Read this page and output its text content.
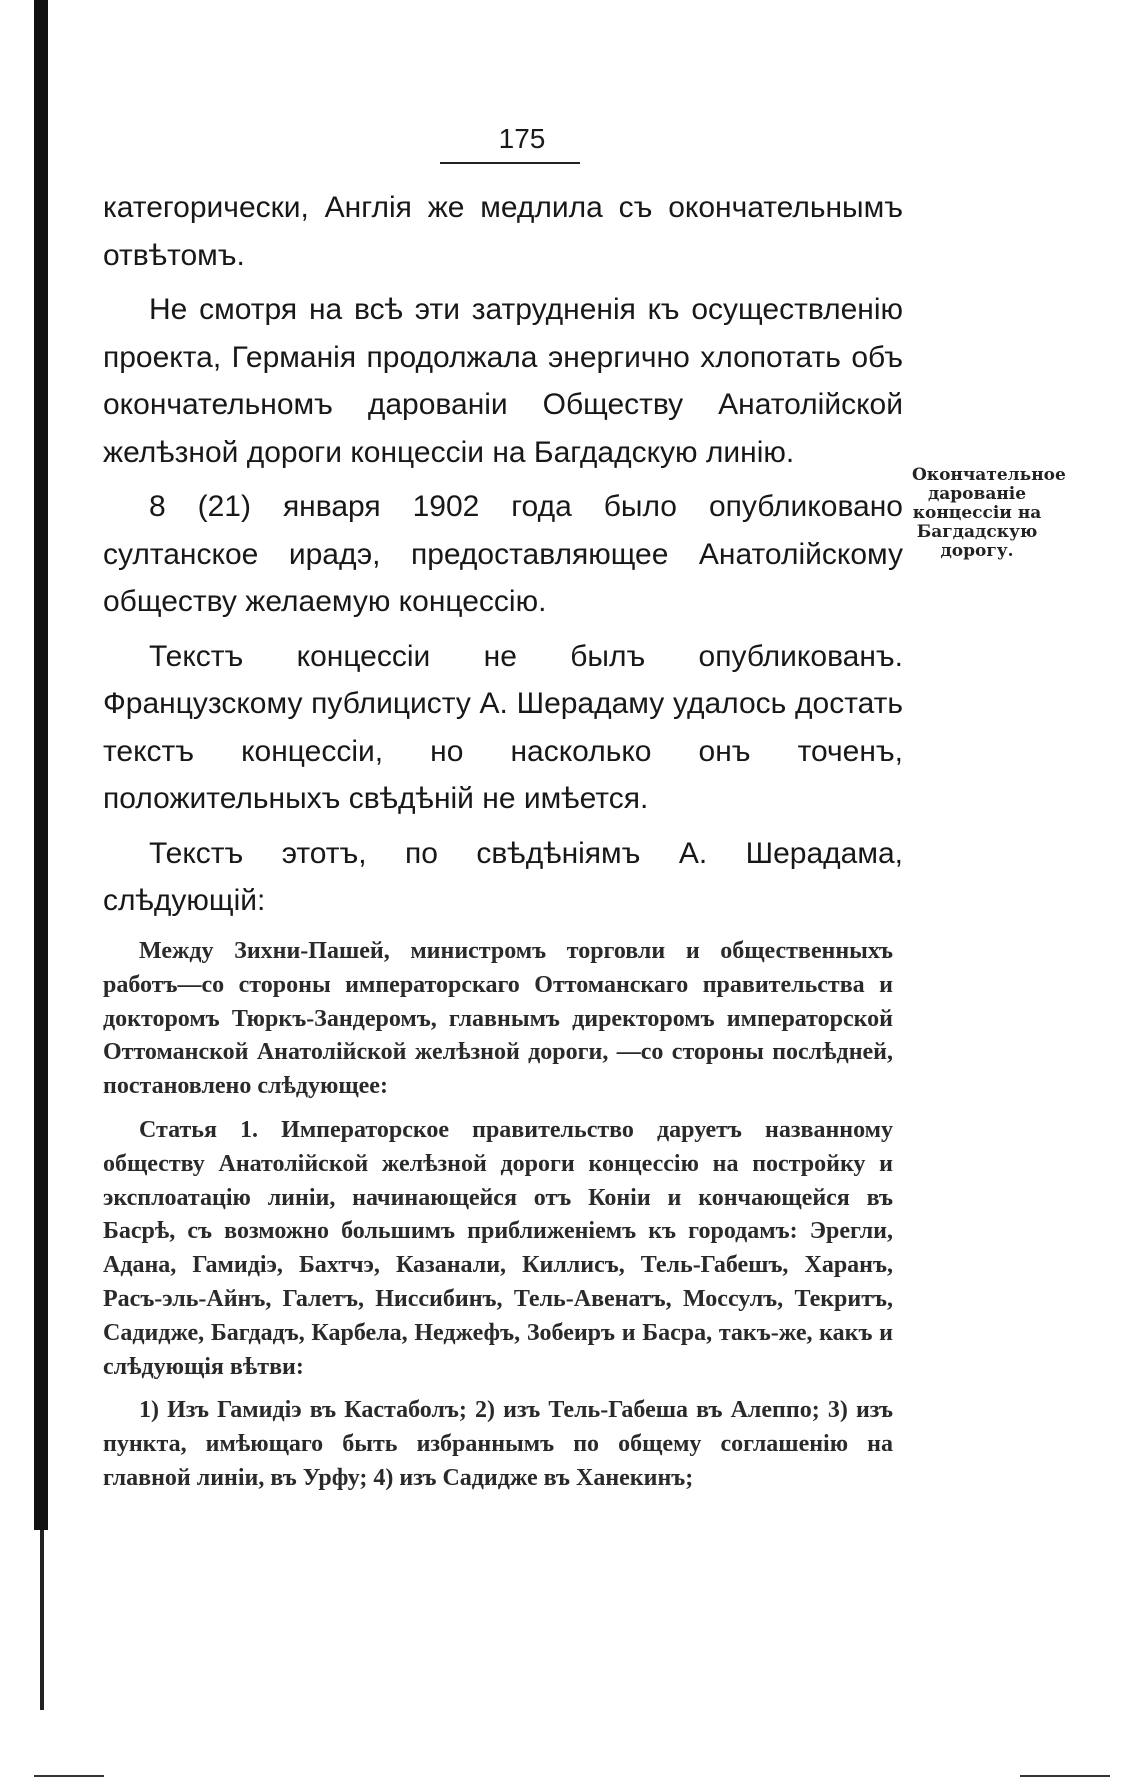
175

категорически, Англія же медлила съ окончательнымъ отвѣтомъ.

Не смотря на всѣ эти затрудненія къ осуществленію проекта, Германія продолжала энергично хлопотать объ окончательномъ дарованіи Обществу Анатолійской желѣзной дороги концессіи на Багдадскую линію.

8 (21) января 1902 года было опубликовано султанское ирадэ, предоставляющее Анатолійскому обществу желаемую концессію.

Текстъ концессіи не былъ опубликованъ. Французскому публицисту А. Шерадаму удалось достать текстъ концессіи, но насколько онъ точенъ, положительныхъ свѣдѣній не имѣется.

Текстъ этотъ, по свѣдѣніямъ А. Шерадама, слѣдующій:

Окончательное дарованіе концессіи на Багдадскую дорогу.

Между Зихни-Пашей, министромъ торговли и общественныхъ работъ—со стороны императорскаго Оттоманскаго правительства и докторомъ Тюркъ-Зандеромъ, главнымъ директоромъ императорской Оттоманской Анатолійской желѣзной дороги, —со стороны послѣдней, постановлено слѣдующее:

Статья 1. Императорское правительство даруетъ названному обществу Анатолійской желѣзной дороги концессію на постройку и эксплоатацію линіи, начинающейся отъ Коніи и кончающейся въ Басрѣ, съ возможно большимъ приближеніемъ къ городамъ: Эрегли, Адана, Гамидіэ, Бахтчэ, Казанали, Киллисъ, Тель-Габешъ, Харанъ, Расъ-эль-Айнъ, Галетъ, Нисcибинъ, Тель-Авенатъ, Моссулъ, Текритъ, Садидже, Багдадъ, Карбела, Неджефъ, Зобеиръ и Басра, такъ-же, какъ и слѣдующія вѣтви:

1) Изъ Гамидіэ въ Кастаболъ; 2) изъ Тель-Габеша въ Алеппо; 3) изъ пункта, имѣющаго быть избраннымъ по общему соглашенію на главной линіи, въ Урфу; 4) изъ Садидже въ Ханекинъ;
